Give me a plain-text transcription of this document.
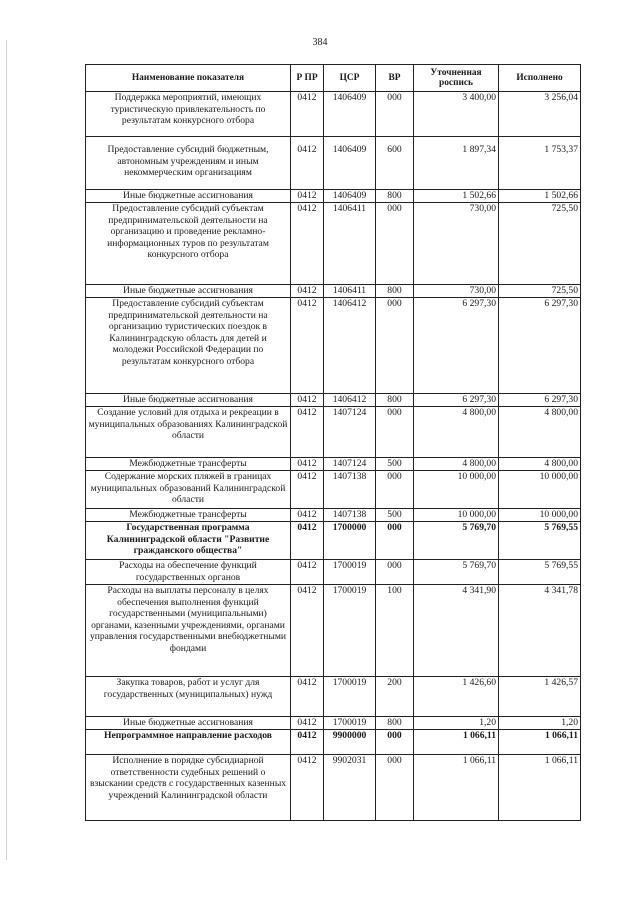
384
Наименование показателя	Р ПР	ЦСР	ВР	Уточненная роспись	Исполнено
Поддержка мероприятий, имеющих туристическую привлекательность по результатам конкурсного отбора	0412	1406409	000	3 400,00	3 256,04
Предоставление субсидий бюджетным, автономным учреждениям и иным некоммерческим организациям	0412	1406409	600	1 897,34	1 753,37
Иные бюджетные ассигнования	0412	1406409	800	1 502,66	1 502,66
Предоставление субсидий субъектам предпринимательской деятельности на организацию и проведение рекламно-информационных туров по результатам конкурсного отбора	0412	1406411	000	730,00	725,50
Иные бюджетные ассигнования	0412	1406411	800	730,00	725,50
Предоставление субсидий субъектам предпринимательской деятельности на организацию туристических поездок в Калининградскую область для детей и молодежи Российской Федерации по результатам конкурсного отбора	0412	1406412	000	6 297,30	6 297,30
Иные бюджетные ассигнования	0412	1406412	800	6 297,30	6 297,30
Создание условий для отдыха и рекреации в муниципальных образованиях Калининградской области	0412	1407124	000	4 800,00	4 800,00
Межбюджетные трансферты	0412	1407124	500	4 800,00	4 800,00
Содержание морских пляжей в границах муниципальных образований Калининградской области	0412	1407138	000	10 000,00	10 000,00
Межбюджетные трансферты	0412	1407138	500	10 000,00	10 000,00
Государственная программа Калининградской области "Развитие гражданского общества"	0412	1700000	000	5 769,70	5 769,55
Расходы на обеспечение функций государственных органов	0412	1700019	000	5 769,70	5 769,55
Расходы на выплаты персоналу в целях обеспечения выполнения функций государственными (муниципальными) органами, казенными учреждениями, органами управления государственными внебюджетными фондами	0412	1700019	100	4 341,90	4 341,78
Закупка товаров, работ и услуг для государственных (муниципальных) нужд	0412	1700019	200	1 426,60	1 426,57
Иные бюджетные ассигнования	0412	1700019	800	1,20	1,20
Непрограммное направление расходов	0412	9900000	000	1 066,11	1 066,11
Исполнение в порядке субсидиарной ответственности судебных решений о взыскании средств с государственных казенных учреждений Калининградской области	0412	9902031	000	1 066,11	1 066,11
